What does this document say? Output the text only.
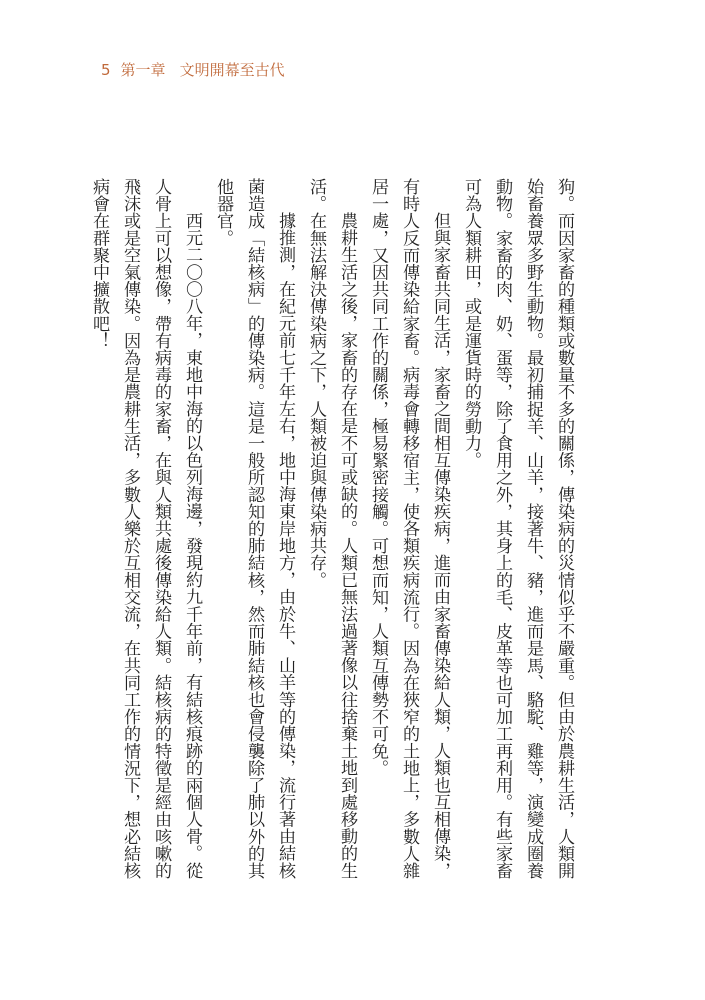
5 第一章 文明開幕至古代
狗。而因家畜的種類或數量不多的關係，傳染病的災情似乎不嚴重。但由於農耕生活，人類開
始畜養眾多野生動物。最初捕捉羊、山羊，接著牛、豬，進而是馬、駱駝、雞等，演變成圈養
動物。家畜的肉、奶、蛋等，除了食用之外，其身上的毛、皮革等也可加工再利用。有些家畜
可為人類耕田，或是運貨時的勞動力。
但與家畜共同生活，家畜之間相互傳染疾病，進而由家畜傳染給人類，人類也互相傳染，
有時人反而傳染給家畜。病毒會轉移宿主，使各類疾病流行。因為在狹窄的土地上，多數人雜
居一處，又因共同工作的關係，極易緊密接觸。可想而知，人類互傳勢不可免。
農耕生活之後，家畜的存在是不可或缺的。人類已無法過著像以往捨棄土地到處移動的生
活。在無法解決傳染病之下，人類被迫與傳染病共存。
據推測，在紀元前七千年左右，地中海東岸地方，由於牛、山羊等的傳染，流行著由結核
菌造成「結核病」的傳染病。這是一般所認知的肺結核，然而肺結核也會侵襲除了肺以外的其
他器官。
西元二〇〇八年，東地中海的以色列海邊，發現約九千年前，有結核痕跡的兩個人骨。從
人骨上可以想像，帶有病毒的家畜，在與人類共處後傳染給人類。結核病的特徵是經由咳嗽的
飛沫或是空氣傳染。因為是農耕生活，多數人樂於互相交流，在共同工作的情況下，想必結核
病會在群聚中擴散吧！
